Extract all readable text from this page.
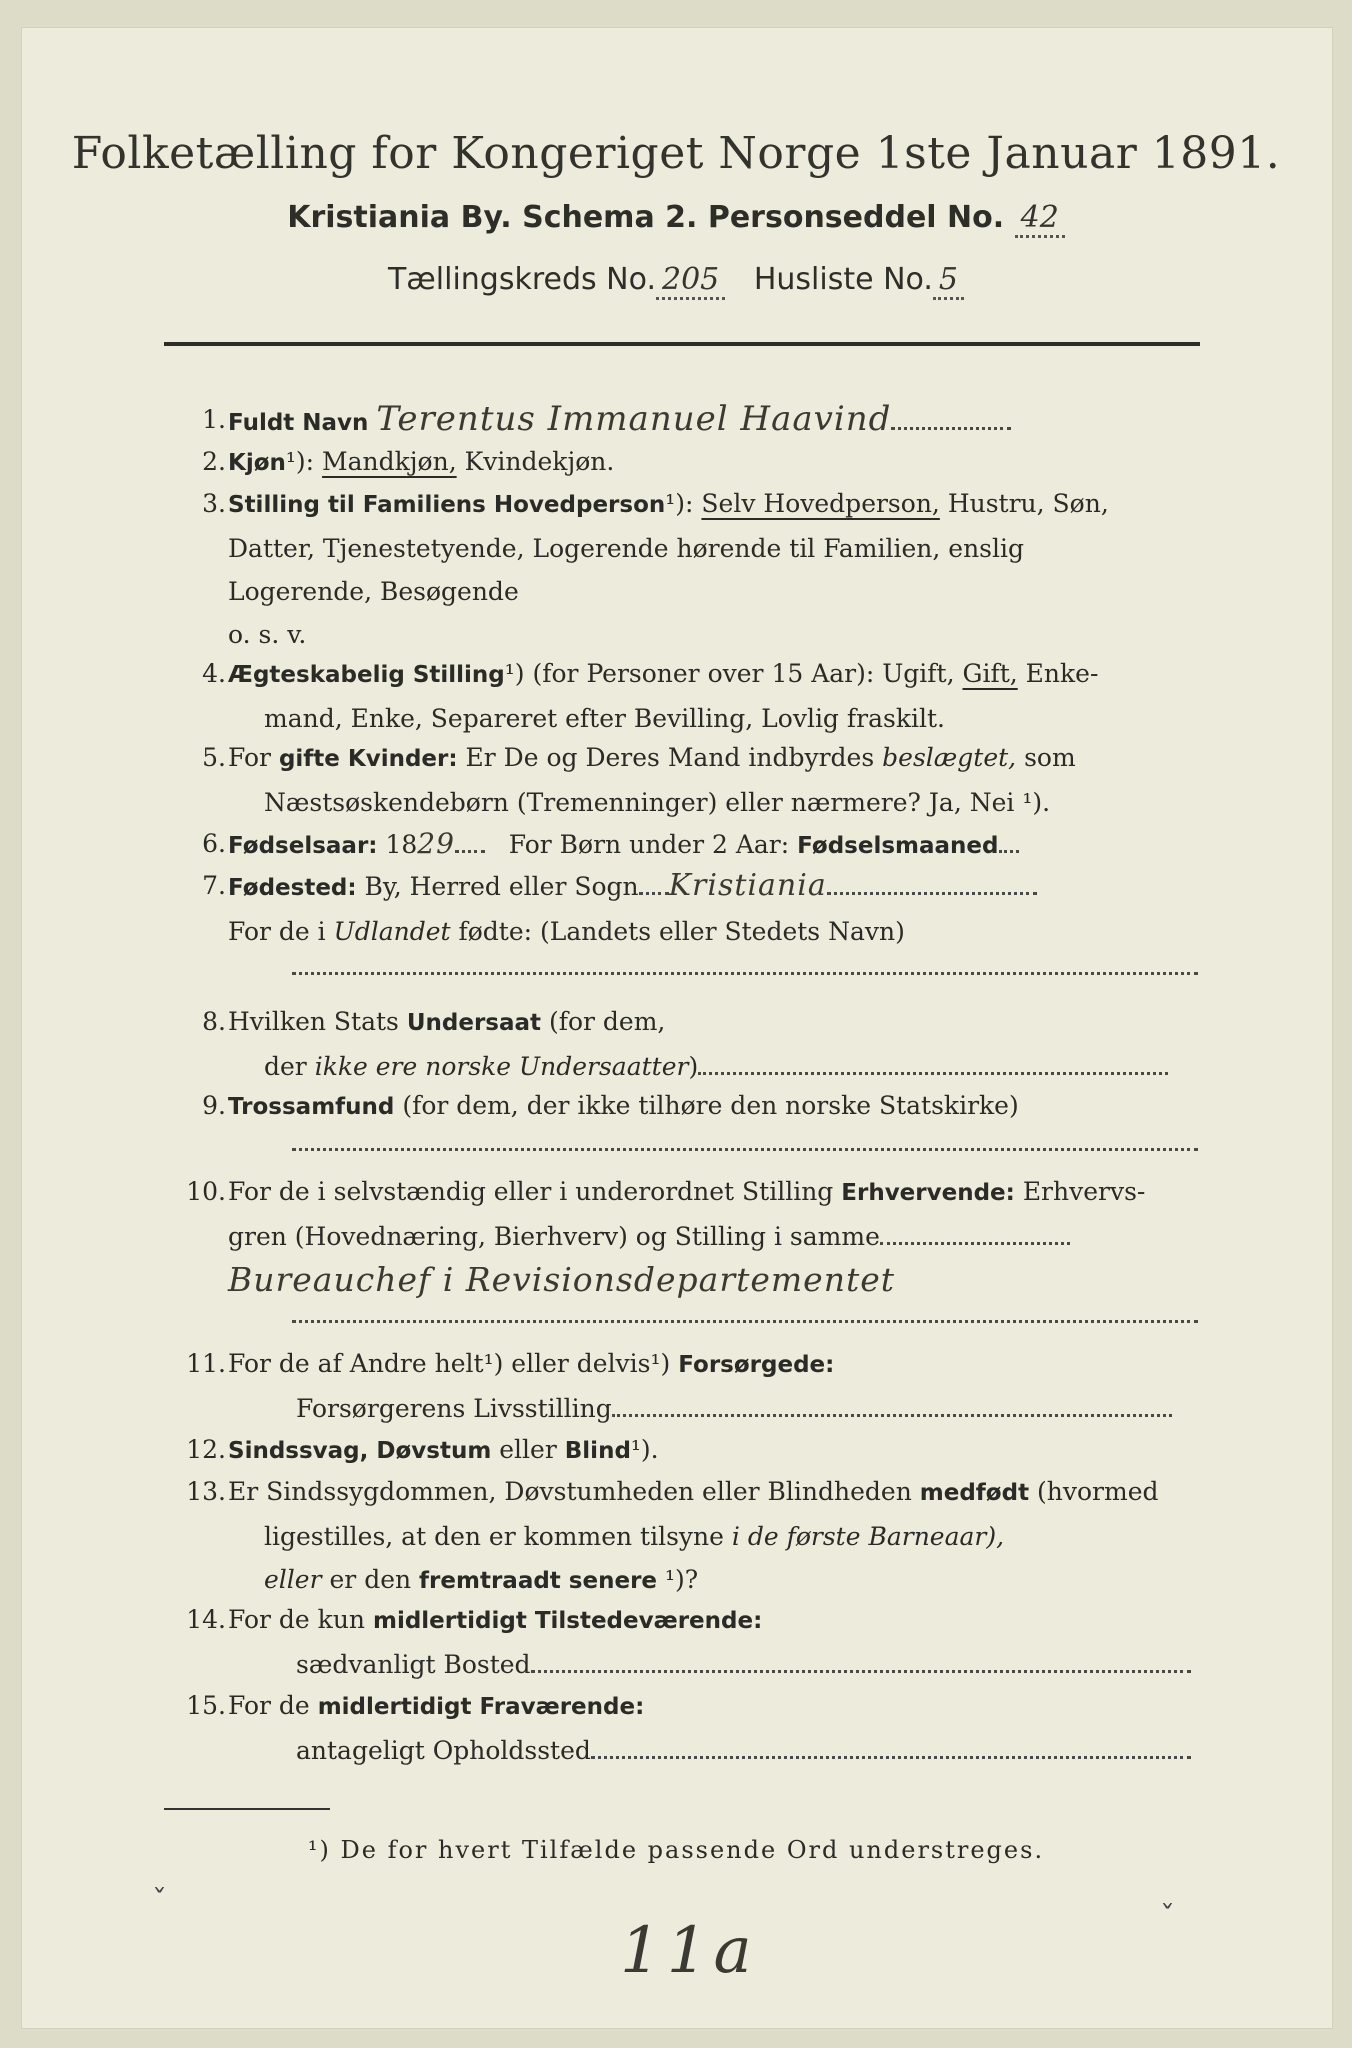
Folketælling for Kongeriget Norge 1ste Januar 1891.
Kristiania By. Schema 2. Personseddel No. 42
Tællingskreds No. 205 Husliste No. 5
1. Fuldt Navn Terentus Immanuel Haavind
2. Kjøn¹): Mandkjøn, Kvindekjøn.
3. Stilling til Familiens Hovedperson¹): Selv Hovedperson, Hustru, Søn,
Datter, Tjenestetyende, Logerende hørende til Familien, enslig
Logerende, Besøgende
o. s. v.
4. Ægteskabelig Stilling¹) (for Personer over 15 Aar): Ugift, Gift, Enke-
mand, Enke, Separeret efter Bevilling, Lovlig fraskilt.
5. For gifte Kvinder: Er De og Deres Mand indbyrdes beslægtet, som
Næstsøskendebørn (Tremenninger) eller nærmere? Ja, Nei ¹).
6. Fødselsaar: 1829 For Børn under 2 Aar: Fødselsmaaned
7. Fødested: By, Herred eller Sogn Kristiania
For de i Udlandet fødte: (Landets eller Stedets Navn)
8. Hvilken Stats Undersaat (for dem,
der ikke ere norske Undersaatter)
9. Trossamfund (for dem, der ikke tilhøre den norske Statskirke)
10. For de i selvstændig eller i underordnet Stilling Erhvervende: Erhvervs-
gren (Hovednæring, Bierhverv) og Stilling i samme
Bureauchef i Revisionsdepartementet
11. For de af Andre helt¹) eller delvis¹) Forsørgede:
Forsørgerens Livsstilling
12. Sindssvag, Døvstum eller Blind¹).
13. Er Sindssygdommen, Døvstumheden eller Blindheden medfødt (hvormed
ligestilles, at den er kommen tilsyne i de første Barneaar),
eller er den fremtraadt senere ¹)?
14. For de kun midlertidigt Tilstedeværende:
sædvanligt Bosted
15. For de midlertidigt Fraværende:
antageligt Opholdssted
¹) De for hvert Tilfælde passende Ord understreges.
ˇ	ˇ
11a
